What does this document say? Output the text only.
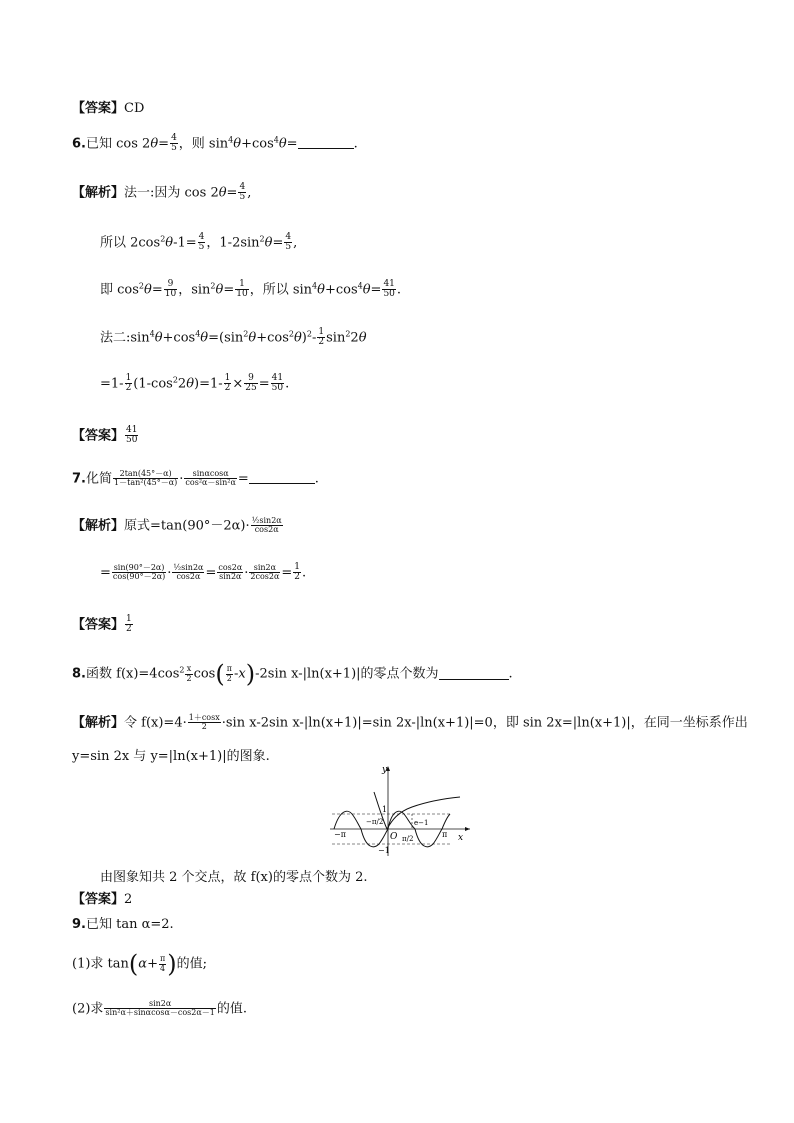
【答案】CD
6.已知 $\cos 2\theta= \frac{4}{5}$ ，则 $\sin^4\theta+\cos^4\theta=$	.
【解析】法一:因为 $\cos 2\theta= \frac{4}{5}$ ,
所以 $2\cos^2\theta-1= \frac{4}{5}$ ，$1-2\sin^2\theta= \frac{4}{5}$ ,
即 $\cos^2\theta= \frac{9}{10}$ ，$\sin^2\theta= \frac{1}{10}$ ，所以 $\sin^4\theta+\cos^4\theta= \frac{41}{50}$ .
法二$:\sin^4\theta+\cos^4\theta=(\sin^2\theta+\cos^2\theta)^2- \frac{1}{2} \sin^22\theta$
$=1- \frac{1}{2} (1-\cos^22\theta)=1- \frac{1}{2} \times \frac{9}{25} = \frac{41}{50}$ .
【答案】 $\frac{41}{50}$
7.化简 $\frac{2\tan(45^\circ-\alpha)}{\text{1－tan²(45°－α)}} \cdot \frac{\sin\alpha\cos\alpha}{\text{cos²α－sin²α}}$ =	.
【解析】原式$=\tan(90^\circ-2\alpha)\cdot \frac{\text{½sin2α}}{\cos 2\alpha}$
= $\frac{\sin(90^\circ-2\alpha)}{\cos(90^\circ-2\alpha)} \cdot \frac{\text{½sin2α}}{\cos 2\alpha} = \frac{\cos 2\alpha}{\sin 2\alpha} \cdot \frac{\sin 2\alpha}{2\cos 2\alpha} = \frac{1}{2}$ .
【答案】 $\frac{1}{2}$
8.函数 $f(x)=4\cos^2 \frac{x}{2} \cos( \frac{\pi}{2} -x)-2\sin$ x-|ln(x+1)|的零点个数为	.
【解析】令 $f(x)=4\cdot \frac{1+\cos x}{2} \cdot\sin$ x-2sin x-|ln(x+1)|=sin 2x-|ln(x+1)|=0，即 sin 2x=|ln(x+1)|，在同一坐标系作出
y=sin 2x 与 y=|ln(x+1)|的图象.
y
x
O
−π	π
1
−1
−π/2
π/2
e−1
由图象知共 2 个交点，故 f(x)的零点个数为 2.
【答案】2
9.已知 tan α=2.
(1)求 $\tan(\alpha+ \frac{\pi}{4}$ )的值;
(2)求 $\frac{\sin 2\alpha}{\text{sin²α＋sinαcosα－cos2α－1}}$ 的值.
